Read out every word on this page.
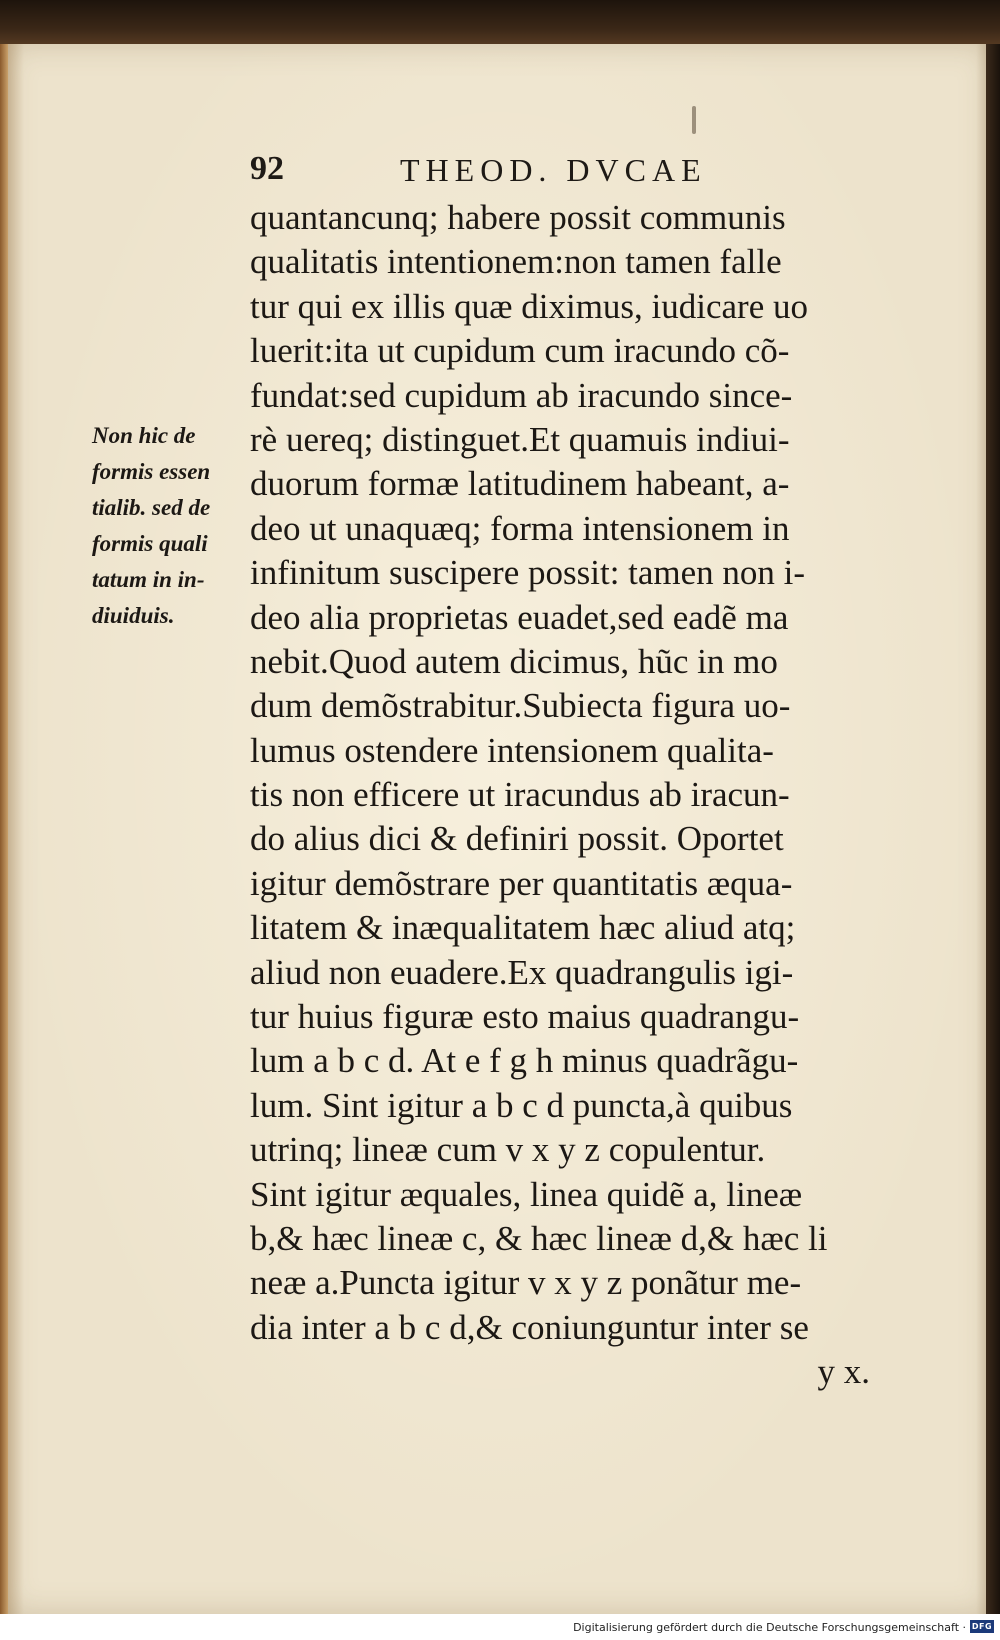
92	THEOD. DVCAE
Non hic de
formis essen
tialib. sed de
formis quali
tatum in in-
diuiduis.
quantancunq; habere possit communis
qualitatis intentionem:non tamen falle
tur qui ex illis quæ diximus, iudicare uo
luerit:ita ut cupidum cum iracundo cõ-
fundat:sed cupidum ab iracundo since-
rè uereq; distinguet.Et quamuis indiui-
duorum formæ latitudinem habeant, a-
deo ut unaquæq; forma intensionem in
infinitum suscipere possit: tamen non i-
deo alia proprietas euadet,sed eadẽ ma
nebit.Quod autem dicimus, hũc in mo
dum demõstrabitur.Subiecta figura uo-
lumus ostendere intensionem qualita-
tis non efficere ut iracundus ab iracun-
do alius dici & definiri possit. Oportet
igitur demõstrare per quantitatis æqua-
litatem & inæqualitatem hæc aliud atq;
aliud non euadere.Ex quadrangulis igi-
tur huius figuræ esto maius quadrangu-
lum a b c d. At e f g h minus quadrãgu-
lum. Sint igitur a b c d puncta,à quibus
utrinq; lineæ cum v x y z copulentur.
Sint igitur æquales, linea quidẽ a, lineæ
b,& hæc lineæ c, & hæc lineæ d,& hæc li
neæ a.Puncta igitur v x y z ponãtur me-
dia inter a b c d,& coniunguntur inter se
y x.
Digitalisierung gefördert durch die Deutsche Forschungsgemeinschaft · DFG
